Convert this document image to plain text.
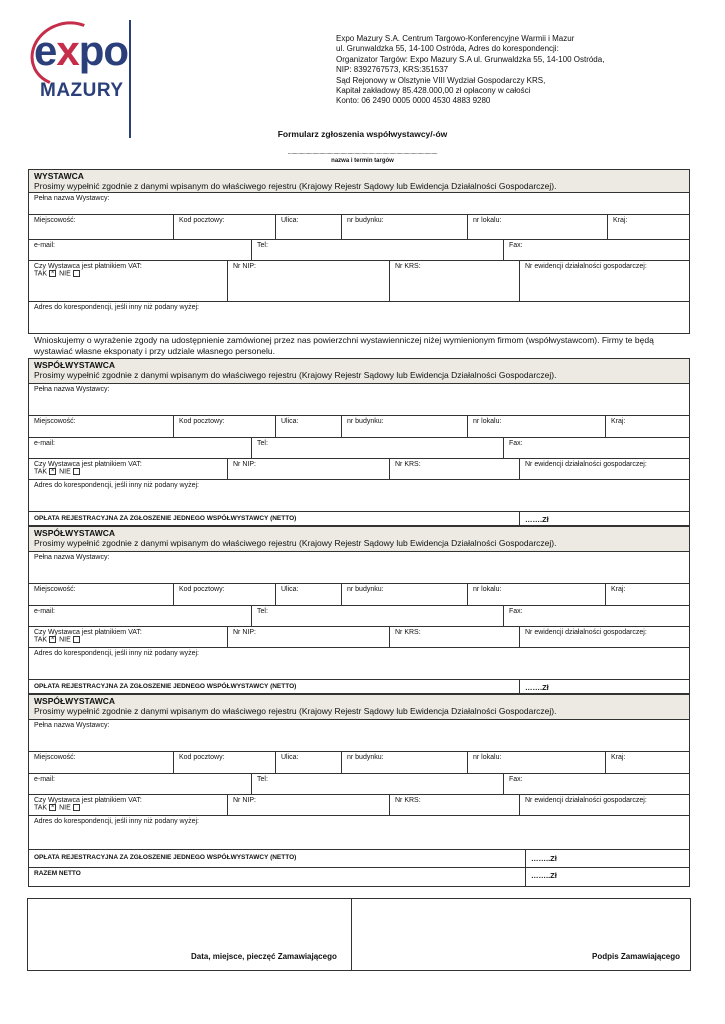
expo
MAZURY
Expo Mazury S.A. Centrum Targowo-Konferencyjne Warmii i Mazur
ul. Grunwaldzka 55, 14-100 Ostróda, Adres do korespondencji:
Organizator Targów: Expo Mazury S.A ul. Grunwaldzka 55, 14-100 Ostróda,
NIP: 8392767573, KRS:351537
Sąd Rejonowy w Olsztynie VIII Wydział Gospodarczy KRS,
Kapitał zakładowy 85.428.000,00 zł opłacony w całości
Konto: 06 2490 0005 0000 4530 4883 9280
Formularz zgłoszenia współwystawcy/-ów
................................................................................................................................
nazwa i termin targów
WYSTAWCA
Prosimy wypełnić zgodnie z danymi wpisanym do właściwego rejestru (Krajowy Rejestr Sądowy lub Ewidencja Działalności Gospodarczej).
Pełna nazwa Wystawcy:
Miejscowość:	Kod pocztowy:	Ulica:	nr budynku:	nr lokalu:	Kraj:
e-mail:	Tel:	Fax:
Czy Wystawca jest płatnikiem VAT:
TAK × NIE
Nr NIP:	Nr KRS:	Nr ewidencji działalności gospodarczej:
Adres do korespondencji, jeśli inny niż podany wyżej:
Wnioskujemy o wyrażenie zgody na udostępnienie zamówionej przez nas powierzchni wystawienniczej niżej wymienionym firmom (współwystawcom). Firmy te będą wystawiać własne eksponaty i przy udziale własnego personelu.
WSPÓŁWYSTAWCA
Prosimy wypełnić zgodnie z danymi wpisanym do właściwego rejestru (Krajowy Rejestr Sądowy lub Ewidencja Działalności Gospodarczej).
Pełna nazwa Wystawcy:
Miejscowość:	Kod pocztowy:	Ulica:	nr budynku:	nr lokalu:	Kraj:
e-mail:	Tel:	Fax:
Czy Wystawca jest płatnikiem VAT:
TAK × NIE
Nr NIP:	Nr KRS:	Nr ewidencji działalności gospodarczej:
Adres do korespondencji, jeśli inny niż podany wyżej:
OPŁATA REJESTRACYJNA ZA ZGŁOSZENIE JEDNEGO WSPÓŁWYSTAWCY (NETTO)	…….Zł
WSPÓŁWYSTAWCA
Prosimy wypełnić zgodnie z danymi wpisanym do właściwego rejestru (Krajowy Rejestr Sądowy lub Ewidencja Działalności Gospodarczej).
Pełna nazwa Wystawcy:
Miejscowość:	Kod pocztowy:	Ulica:	nr budynku:	nr lokalu:	Kraj:
e-mail:	Tel:	Fax:
Czy Wystawca jest płatnikiem VAT:
TAK × NIE
Nr NIP:	Nr KRS:	Nr ewidencji działalności gospodarczej:
Adres do korespondencji, jeśli inny niż podany wyżej:
OPŁATA REJESTRACYJNA ZA ZGŁOSZENIE JEDNEGO WSPÓŁWYSTAWCY (NETTO)	…….Zł
WSPÓŁWYSTAWCA
Prosimy wypełnić zgodnie z danymi wpisanym do właściwego rejestru (Krajowy Rejestr Sądowy lub Ewidencja Działalności Gospodarczej).
Pełna nazwa Wystawcy:
Miejscowość:	Kod pocztowy:	Ulica:	nr budynku:	nr lokalu:	Kraj:
e-mail:	Tel:	Fax:
Czy Wystawca jest płatnikiem VAT:
TAK × NIE
Nr NIP:	Nr KRS:	Nr ewidencji działalności gospodarczej:
Adres do korespondencji, jeśli inny niż podany wyżej:
OPŁATA REJESTRACYJNA ZA ZGŁOSZENIE JEDNEGO WSPÓŁWYSTAWCY (NETTO)	……..Zł
RAZEM NETTO	……..Zł
Data, miejsce, pieczęć Zamawiającego	Podpis Zamawiającego
